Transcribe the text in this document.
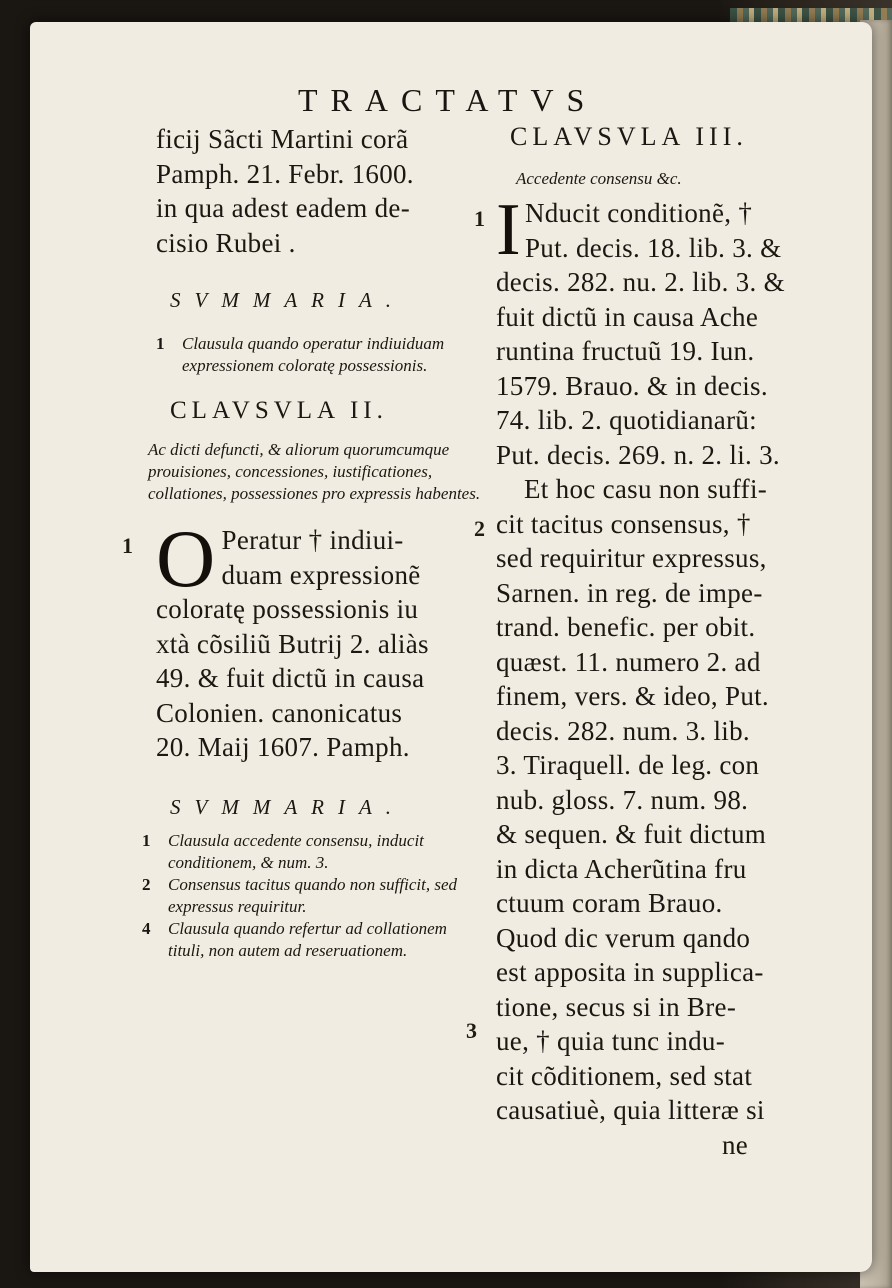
TRACTATVS
ficij Sãcti Martini corã
Pamph. 21. Febr. 1600.
in qua adest eadem de-
cisio Rubei .
SVMMARIA.
1 Clausula quando operatur indiuiduam expressionem coloratę possessionis.
CLAVSVLA II.
Ac dicti defuncti, & aliorum quorumcumque prouisiones, concessiones, iustificationes, collationes, possessiones pro expressis habentes.
1 O Peratur † indiui-
duam expressionẽ
coloratę possessionis iu
xtà cõsiliũ Butrij 2. aliàs
49. & fuit dictũ in causa
Colonien. canonicatus
20. Maij 1607. Pamph.
SVMMARIA.
1 Clausula accedente consensu, inducit conditionem, & num. 3.
2 Consensus tacitus quando non sufficit, sed expressus requiritur.
4 Clausula quando refertur ad collationem tituli, non autem ad reseruationem.
CLAVSVLA III.
Accedente consensu &c.
1
2
3
I Nducit conditionẽ, †
Put. decis. 18. lib. 3. &
decis. 282. nu. 2. lib. 3. &
fuit dictũ in causa Ache
runtina fructuũ 19. Iun.
1579. Brauo. & in decis.
74. lib. 2. quotidianarũ:
Put. decis. 269. n. 2. li. 3.
Et hoc casu non suffi-
cit tacitus consensus, †
sed requiritur expressus,
Sarnen. in reg. de impe-
trand. benefic. per obit.
quæst. 11. numero 2. ad
finem, vers. & ideo, Put.
decis. 282. num. 3. lib.
3. Tiraquell. de leg. con
nub. gloss. 7. num. 98.
& sequen. & fuit dictum
in dicta Acherũtina fru
ctuum coram Brauo.
Quod dic verum qando
est apposita in supplica-
tione, secus si in Bre-
ue, † quia tunc indu-
cit cõditionem, sed stat
causatiuè, quia litteræ si
ne
